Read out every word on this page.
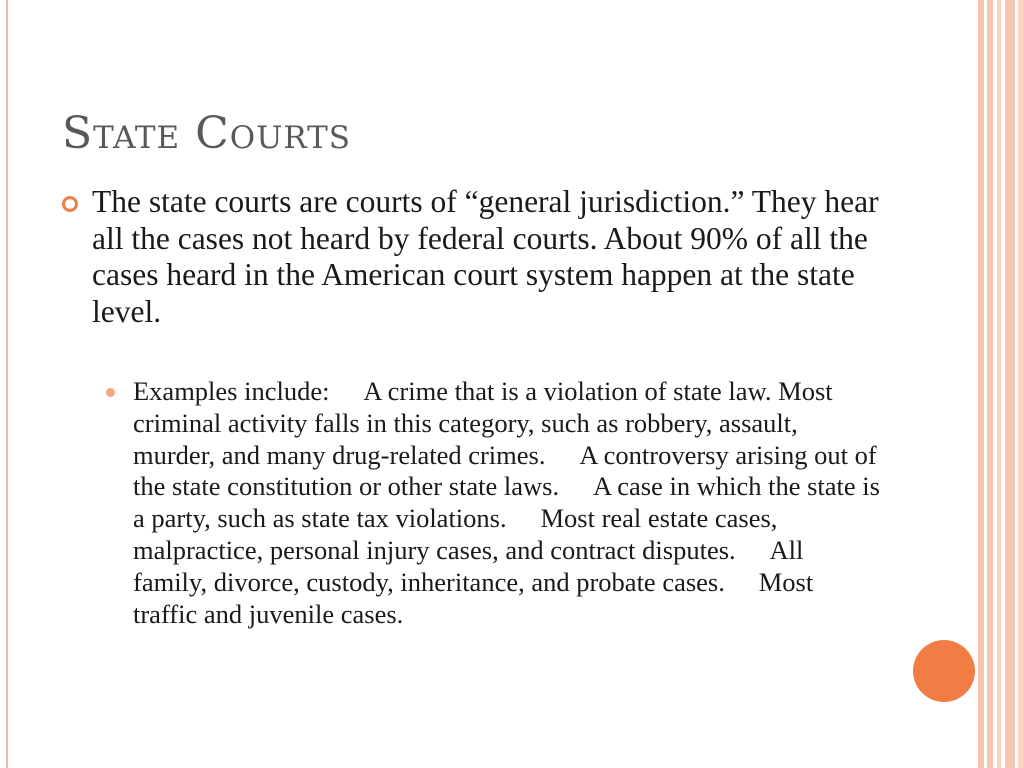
State Courts
The state courts are courts of “general jurisdiction.” They hear all the cases not heard by federal courts. About 90% of all the cases heard in the American court system happen at the state level.
Examples include: A crime that is a violation of state law. Most criminal activity falls in this category, such as robbery, assault, murder, and many drug-related crimes. A controversy arising out of the state constitution or other state laws. A case in which the state is a party, such as state tax violations. Most real estate cases, malpractice, personal injury cases, and contract disputes. All family, divorce, custody, inheritance, and probate cases. Most traffic and juvenile cases.
